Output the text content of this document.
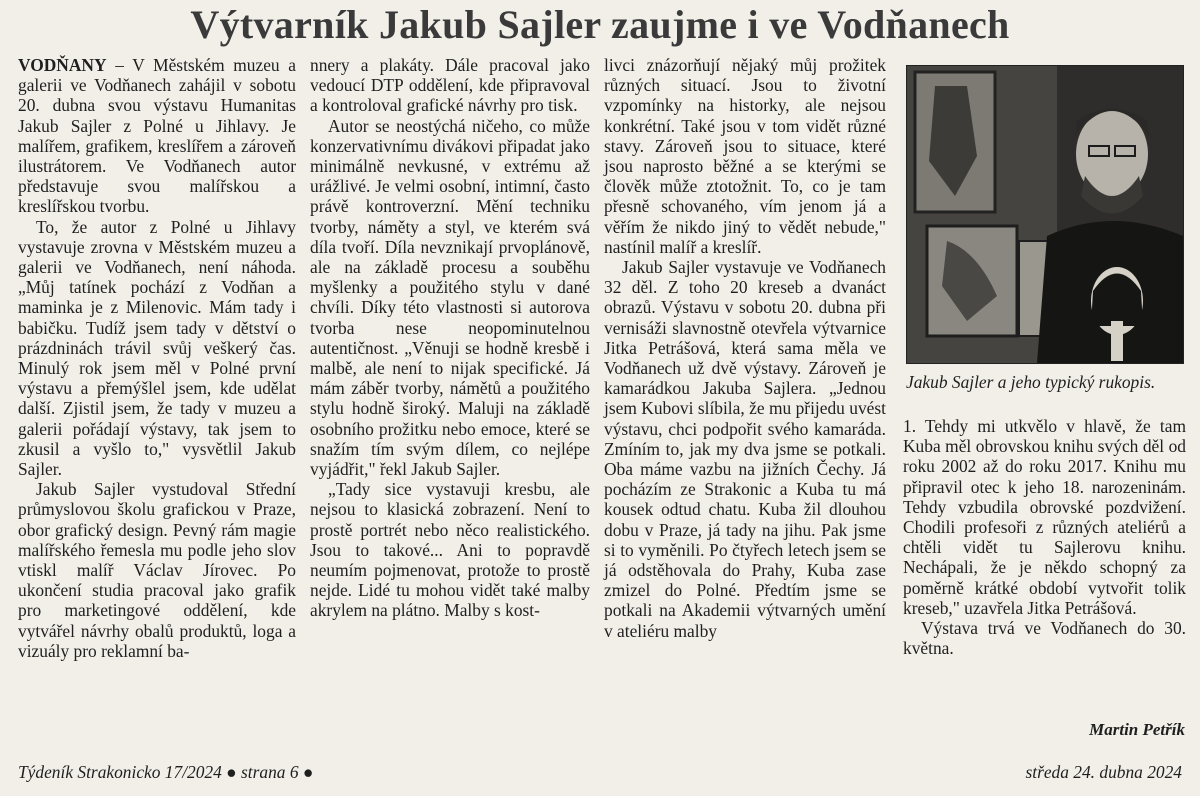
Výtvarník Jakub Sajler zaujme i ve Vodňanech

VODŇANY – V Městském muzeu a galerii ve Vodňanech zahájil v sobotu 20. dubna svou výstavu Humanitas Jakub Sajler z Polné u Jihlavy. Je malířem, grafikem, kreslířem a zároveň ilustrátorem. Ve Vodňanech autor představuje svou malířskou a kreslířskou tvorbu.

To, že autor z Polné u Jihlavy vystavuje zrovna v Městském muzeu a galerii ve Vodňanech, není náhoda. „Můj tatínek pochází z Vodňan a maminka je z Milenovic. Mám tady i babičku. Tudíž jsem tady v dětství o prázdninách trávil svůj veškerý čas. Minulý rok jsem měl v Polné první výstavu a přemýšlel jsem, kde udělat další. Zjistil jsem, že tady v muzeu a galerii pořádají výstavy, tak jsem to zkusil a vyšlo to," vysvětlil Jakub Sajler.

Jakub Sajler vystudoval Střední průmyslovou školu grafickou v Praze, obor grafický design. Pevný rám magie malířského řemesla mu podle jeho slov vtiskl malíř Václav Jírovec. Po ukončení studia pracoval jako grafik pro marketingové oddělení, kde vytvářel návrhy obalů produktů, loga a vizuály pro reklamní ba-

nnery a plakáty. Dále pracoval jako vedoucí DTP oddělení, kde připravoval a kontroloval grafické návrhy pro tisk.

Autor se neostýchá ničeho, co může konzervativnímu divákovi připadat jako minimálně nevkusné, v extrému až urážlivé. Je velmi osobní, intimní, často právě kontroverzní. Mění techniku tvorby, náměty a styl, ve kterém svá díla tvoří. Díla nevznikají prvoplánově, ale na základě procesu a souběhu myšlenky a použitého stylu v dané chvíli. Díky této vlastnosti si autorova tvorba nese neopominutelnou autentičnost. „Věnuji se hodně kresbě i malbě, ale není to nijak specifické. Já mám záběr tvorby, námětů a použitého stylu hodně široký. Maluji na základě osobního prožitku nebo emoce, které se snažím tím svým dílem, co nejlépe vyjádřit," řekl Jakub Sajler.

„Tady sice vystavuji kresbu, ale nejsou to klasická zobrazení. Není to prostě portrét nebo něco realistického. Jsou to takové... Ani to popravdě neumím pojmenovat, protože to prostě nejde. Lidé tu mohou vidět také malby akrylem na plátno. Malby s kost-

livci znázorňují nějaký můj prožitek různých situací. Jsou to životní vzpomínky na historky, ale nejsou konkrétní. Také jsou v tom vidět různé stavy. Zároveň jsou to situace, které jsou naprosto běžné a se kterými se člověk může ztotožnit. To, co je tam přesně schovaného, vím jenom já a věřím že nikdo jiný to vědět nebude," nastínil malíř a kreslíř.

Jakub Sajler vystavuje ve Vodňanech 32 děl. Z toho 20 kreseb a dvanáct obrazů. Výstavu v sobotu 20. dubna při vernisáži slavnostně otevřela výtvarnice Jitka Petrášová, která sama měla ve Vodňanech už dvě výstavy. Zároveň je kamarádkou Jakuba Sajlera. „Jednou jsem Kubovi slíbila, že mu přijedu uvést výstavu, chci podpořit svého kamaráda. Zmíním to, jak my dva jsme se potkali. Oba máme vazbu na jižních Čechy. Já pocházím ze Strakonic a Kuba tu má kousek odtud chatu. Kuba žil dlouhou dobu v Praze, já tady na jihu. Pak jsme si to vyměnili. Po čtyřech letech jsem se já odstěhovala do Prahy, Kuba zase zmizel do Polné. Předtím jsme se potkali na Akademii výtvarných umění v ateliéru malby

Jakub Sajler a jeho typický rukopis.

1. Tehdy mi utkvělo v hlavě, že tam Kuba měl obrovskou knihu svých děl od roku 2002 až do roku 2017. Knihu mu připravil otec k jeho 18. narozeninám. Tehdy vzbudila obrovské pozdvižení. Chodili profesoři z různých ateliérů a chtěli vidět tu Sajlerovu knihu. Nechápali, že je někdo schopný za poměrně krátké období vytvořit tolik kreseb," uzavřela Jitka Petrášová.

Výstava trvá ve Vodňanech do 30. května.

Martin Petřík
Týdeník Strakonicko 17/2024 ● strana 6 ●	středa 24. dubna 2024
